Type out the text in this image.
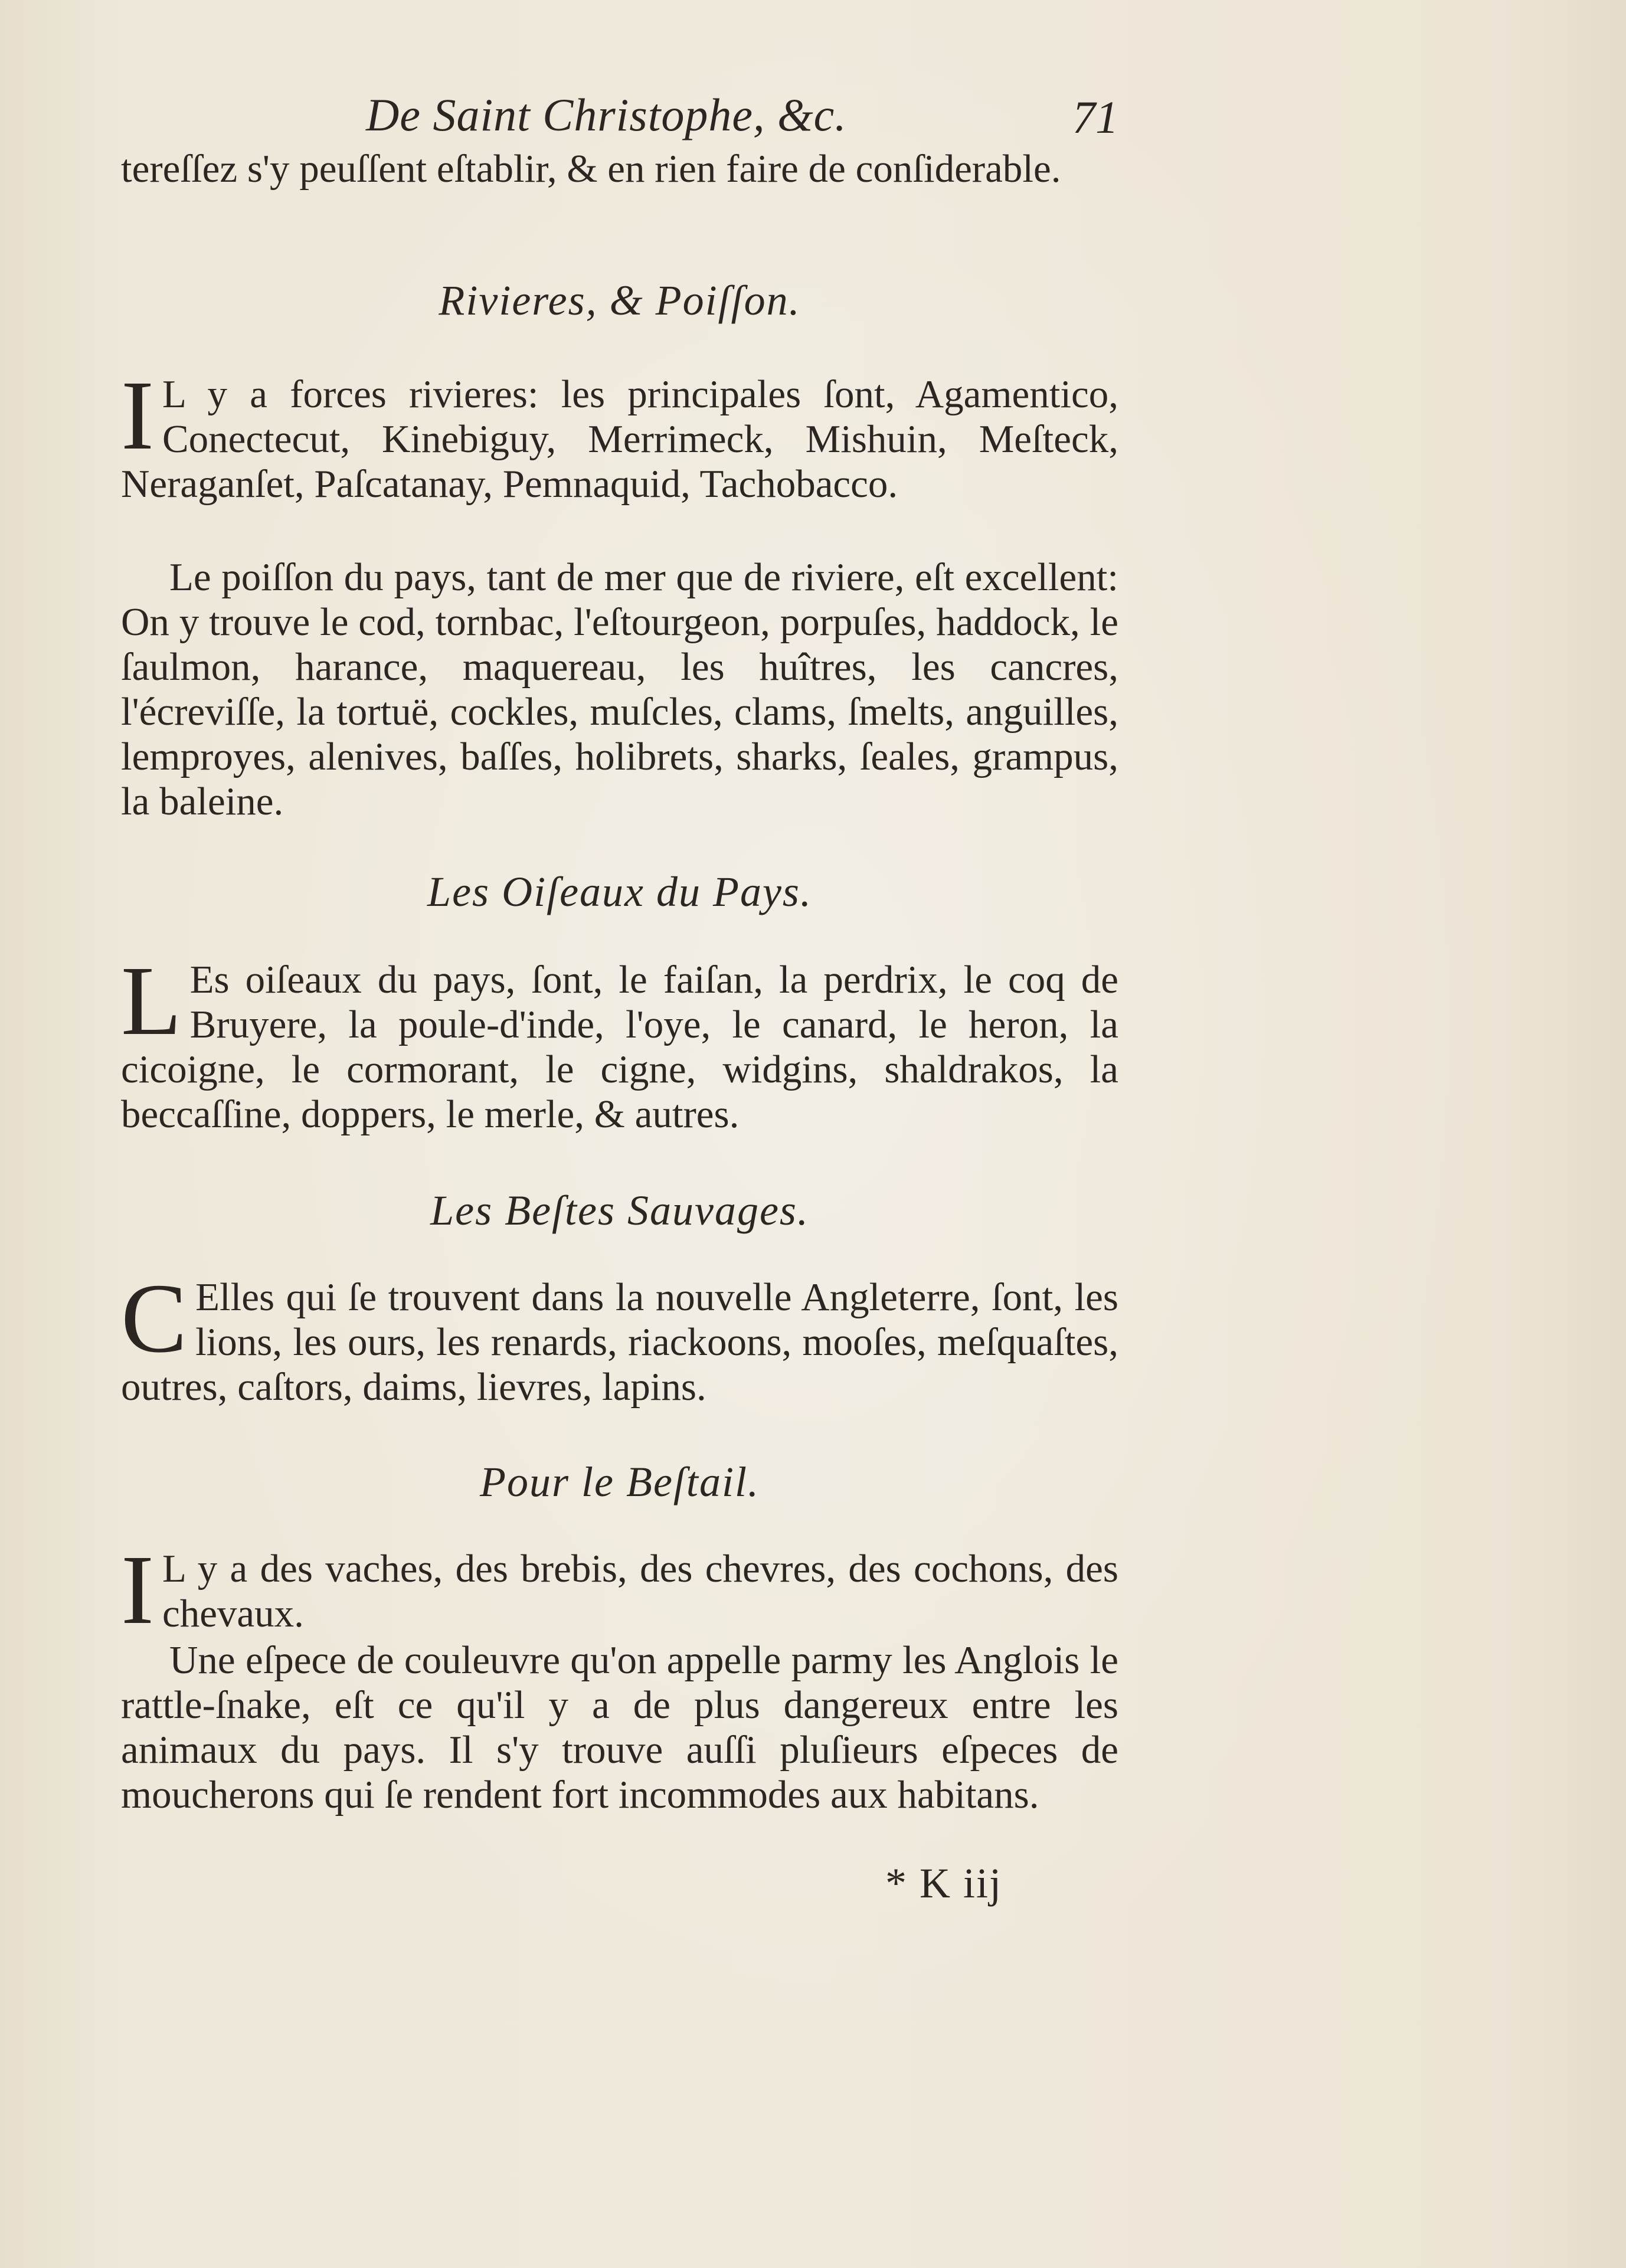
De Saint Christophe, &c.	71

tereſſez s'y peuſſent eſtablir, & en rien faire de conſiderable.

Rivieres, & Poiſſon.
I L y a forces rivieres: les principales ſont, Agamentico, Conectecut, Kinebiguy, Merrimeck, Mishuin, Meſteck, Neraganſet, Paſcatanay, Pemnaquid, Tachobacco.

Le poiſſon du pays, tant de mer que de riviere, eſt excellent: On y trouve le cod, tornbac, l'eſtourgeon, porpuſes, haddock, le ſaulmon, harance, maquereau, les huîtres, les cancres, l'écreviſſe, la tortuë, cockles, muſcles, clams, ſmelts, anguilles, lemproyes, alenives, baſſes, holibrets, sharks, ſeales, grampus, la baleine.

Les Oiſeaux du Pays.
L Es oiſeaux du pays, ſont, le faiſan, la perdrix, le coq de Bruyere, la poule-d'inde, l'oye, le canard, le heron, la cicoigne, le cormorant, le cigne, widgins, shaldrakos, la beccaſſine, doppers, le merle, & autres.

Les Beſtes Sauvages.
C Elles qui ſe trouvent dans la nouvelle Angleterre, ſont, les lions, les ours, les renards, riackoons, mooſes, meſquaſtes, outres, caſtors, daims, lievres, lapins.

Pour le Beſtail.
I L y a des vaches, des brebis, des chevres, des cochons, des chevaux.

Une eſpece de couleuvre qu'on appelle parmy les Anglois le rattle-ſnake, eſt ce qu'il y a de plus dangereux entre les animaux du pays. Il s'y trouve auſſi pluſieurs eſpeces de moucherons qui ſe rendent fort incommodes aux habitans.

* K iij
